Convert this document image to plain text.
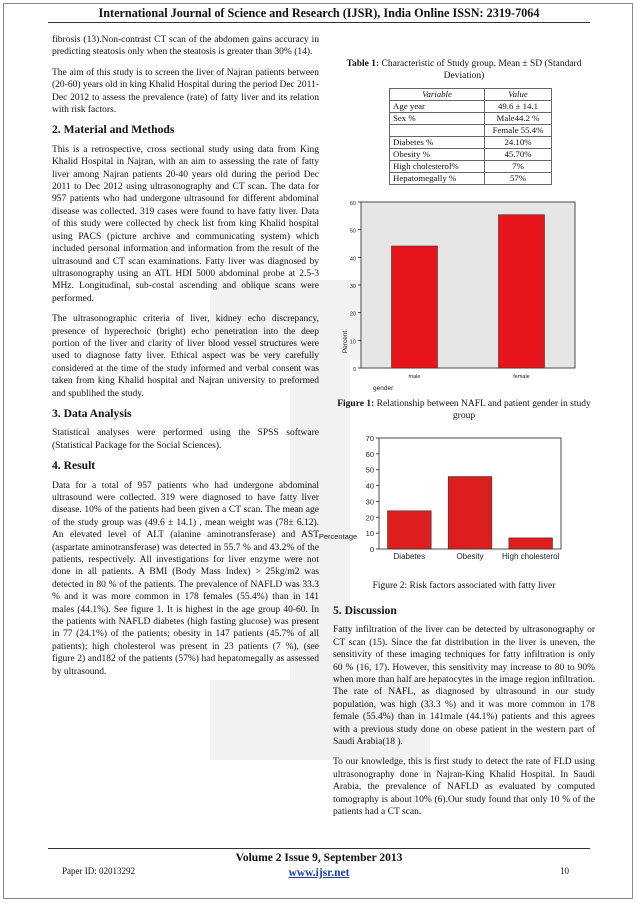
International Journal of Science and Research (IJSR), India Online ISSN: 2319-7064

fibrosis (13).Non-contrast CT scan of the abdomen gains accuracy in predicting steatosis only when the steatosis is greater than 30% (14).

The aim of this study is to screen the liver of Najran patients between (20-60) years old in king Khalid Hospital during the period Dec 2011- Dec 2012 to assess the prevalence (rate) of fatty liver and its relation with risk factors.

2. Material and Methods

This is a retrospective, cross sectional study using data from King Khalid Hospital in Najran, with an aim to assessing the rate of fatty liver among Najran patients 20-40 years old during the period Dec 2011 to Dec 2012 using ultrasonography and CT scan. The data for 957 patients who had undergone ultrasound for different abdominal disease was collected. 319 cases were found to have fatty liver. Data of this study were collected by check list from king Khalid hospital using PACS (picture archive and communicating system) which included personal information and information from the result of the ultrasound and CT scan examinations. Fatty liver was diagnosed by ultrasonography using an ATL HDI 5000 abdominal probe at 2.5-3 MHz. Longitudinal, sub-costal ascending and oblique scans were performed.

The ultrasonographic criteria of liver, kidney echo discrepancy, presence of hyperechoic (bright) echo penetration into the deep portion of the liver and clarity of liver blood vessel structures were used to diagnose fatty liver. Ethical aspect was be very carefully considered at the time of the study informed and verbal consent was taken from king Khalid hospital and Najran university to preformed and spublihed the study.

3. Data Analysis

Statistical analyses were performed using the SPSS software (Statistical Package for the Social Sciences).

4. Result

Data for a total of 957 patients who had undergone abdominal ultrasound were collected. 319 were diagnosed to have fatty liver disease. 10% of the patients had been given a CT scan. The mean age of the study group was (49.6 ± 14.1) , mean weight was (78± 6.12). An elevated level of ALT (alanine aminotransferase) and AST (aspartate aminotransferase) was detected in 55.7 % and 43.2% of the patients, respectively. All investigations for liver enzyme were not done in all patients. A BMI (Body Mass Index) > 25kg/m2 was detected in 80 % of the patients. The prevalence of NAFLD was 33.3 % and it was more common in 178 females (55.4%) than in 141 males (44.1%). See figure 1. It is highest in the age group 40-60. In the patients with NAFLD diabetes (high fasting glucose) was present in 77 (24.1%) of the patients; obesity in 147 patients (45.7% of all patients); high cholesterol was present in 23 patients (7 %), (see figure 2) and182 of the patients (57%) had hepatomegally as assessed by ultrasound.

Table 1: Characteristic of Study group. Mean ± SD (Standard Deviation)
Variable	Value
Age year	49.6 ± 14.1
Sex %	Male44.2 %
	Female 55.4%
Diabetes %	24.10%
Obesity %	45.70%
High cholesterol%	7%
Hepatomegally %	57%
0
10
20
30
40
50
60
male	female
Percent
gender
Figure 1: Relationship between NAFL and patient gender in study group
0
10
20
30
40
50
60
70
Diabetes	Obesity High cholesterol
Percentage
Figure 2: Risk factors associated with fatty liver
5. Discussion

Fatty infiltration of the liver can be detected by ultrasonography or CT scan (15). Since the fat distribution in the liver is uneven, the sensitivity of these imaging techniques for fatty infiltration is only 60 % (16, 17). However, this sensitivity may increase to 80 to 90% when more than half are hepatocytes in the image region infiltration. The rate of NAFL, as diagnosed by ultrasound in our study population, was high (33.3 %) and it was more common in 178 female (55.4%) than in 141male (44.1%) patients and this agrees with a previous study done on obese patient in the western part of Saudi Arabia(18 ).

To our knowledge, this is first study to detect the rate of FLD using ultrasonography done in Najran-King Khalid Hospital. In Saudi Arabia, the prevalence of NAFLD as evaluated by computed tomography is about 10% (6).Our study found that only 10 % of the patients had a CT scan.

Paper ID: 02013292
Volume 2 Issue 9, September 2013
www.ijsr.net	10
